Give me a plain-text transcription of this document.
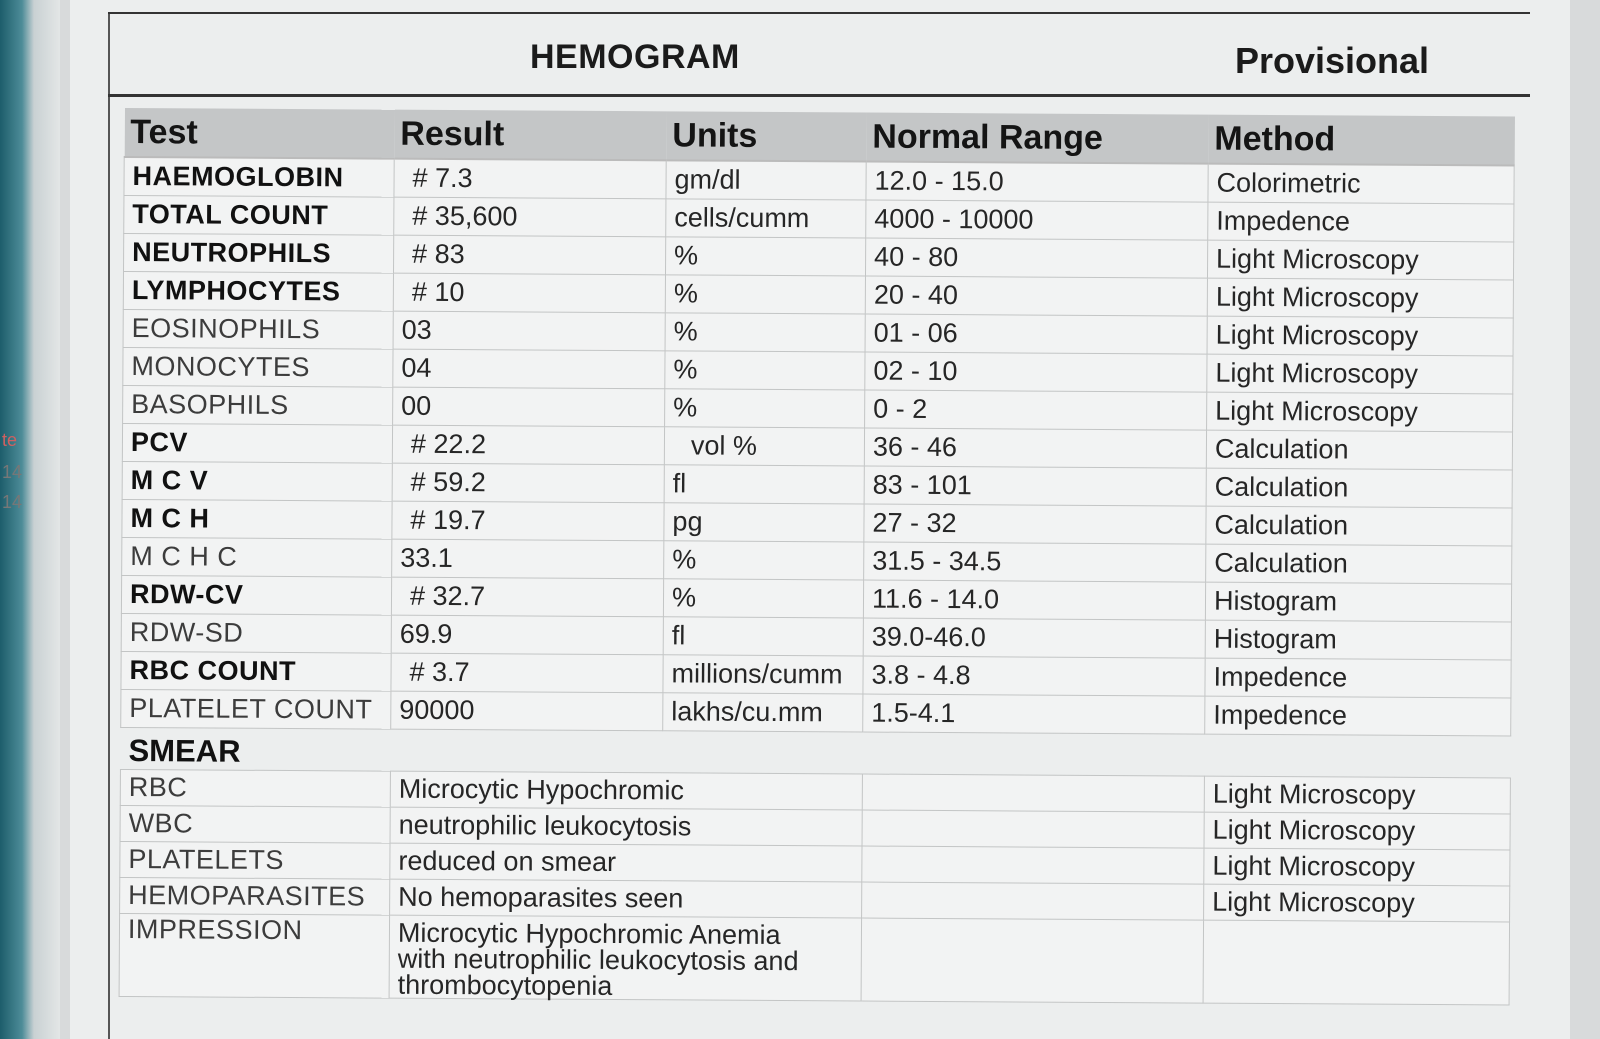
te
14
14
HEMOGRAM	Provisional
Test	Result	Units	Normal Range	Method
HAEMOGLOBIN	# 7.3	gm/dl	12.0 - 15.0	Colorimetric
TOTAL COUNT	# 35,600	cells/cumm	4000 - 10000	Impedence
NEUTROPHILS	# 83	%	40 - 80	Light Microscopy
LYMPHOCYTES	# 10	%	20 - 40	Light Microscopy
EOSINOPHILS	03	%	01 - 06	Light Microscopy
MONOCYTES	04	%	02 - 10	Light Microscopy
BASOPHILS	00	%	0 - 2	Light Microscopy
PCV	# 22.2	vol %	36 - 46	Calculation
M C V	# 59.2	fl	83 - 101	Calculation
M C H	# 19.7	pg	27 - 32	Calculation
M C H C	33.1	%	31.5 - 34.5	Calculation
RDW-CV	# 32.7	%	11.6 - 14.0	Histogram
RDW-SD	69.9	fl	39.0-46.0	Histogram
RBC COUNT	# 3.7	millions/cumm	3.8 - 4.8	Impedence
PLATELET COUNT	90000	lakhs/cu.mm	1.5-4.1	Impedence
SMEAR				
RBC	Microcytic Hypochromic			Light Microscopy
WBC	neutrophilic leukocytosis			Light Microscopy
PLATELETS	reduced on smear			Light Microscopy
HEMOPARASITES	No hemoparasites seen			Light Microscopy
IMPRESSION	Microcytic Hypochromic Anemia with neutrophilic leukocytosis and thrombocytopenia			
